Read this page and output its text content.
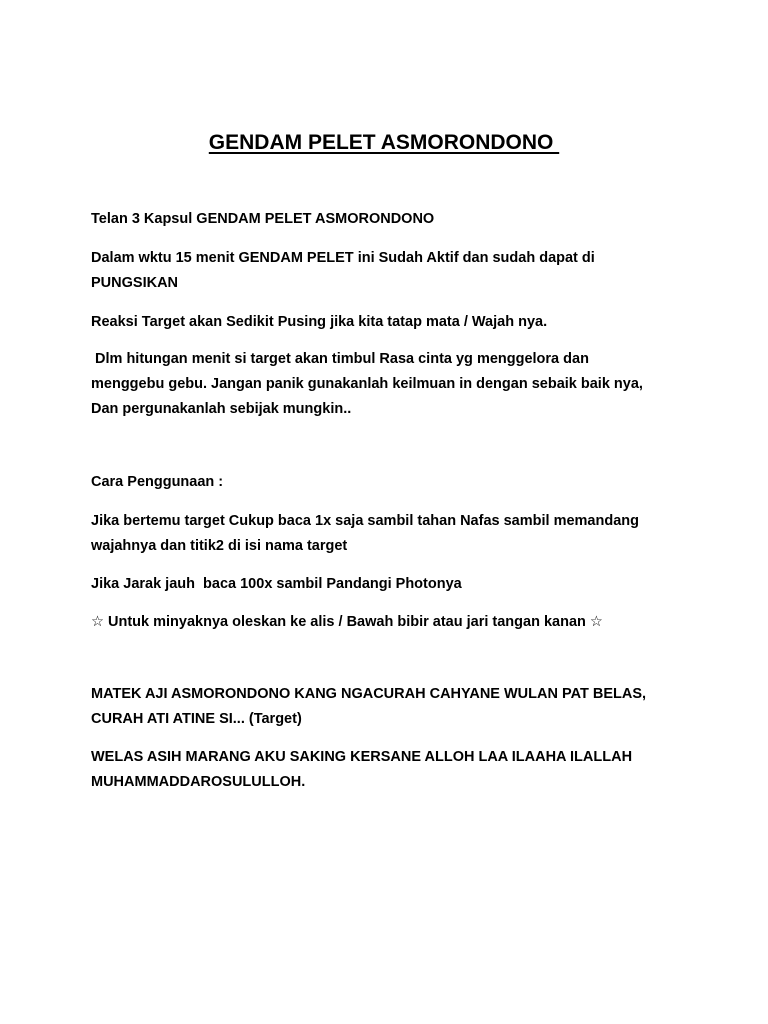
GENDAM PELET ASMORONDONO

Telan 3 Kapsul GENDAM PELET ASMORONDONO

Dalam wktu 15 menit GENDAM PELET ini Sudah Aktif dan sudah dapat di
PUNGSIKAN

Reaksi Target akan Sedikit Pusing jika kita tatap mata / Wajah nya.

Dlm hitungan menit si target akan timbul Rasa cinta yg menggelora dan
menggebu gebu. Jangan panik gunakanlah keilmuan in dengan sebaik baik nya,
Dan pergunakanlah sebijak mungkin..

Cara Penggunaan :

Jika bertemu target Cukup baca 1x saja sambil tahan Nafas sambil memandang
wajahnya dan titik2 di isi nama target

Jika Jarak jauh  baca 100x sambil Pandangi Photonya

☆ Untuk minyaknya oleskan ke alis / Bawah bibir atau jari tangan kanan ☆

MATEK AJI ASMORONDONO KANG NGACURAH CAHYANE WULAN PAT BELAS,
CURAH ATI ATINE SI... (Target)

WELAS ASIH MARANG AKU SAKING KERSANE ALLOH LAA ILAAHA ILALLAH
MUHAMMADDAROSULULLOH.
